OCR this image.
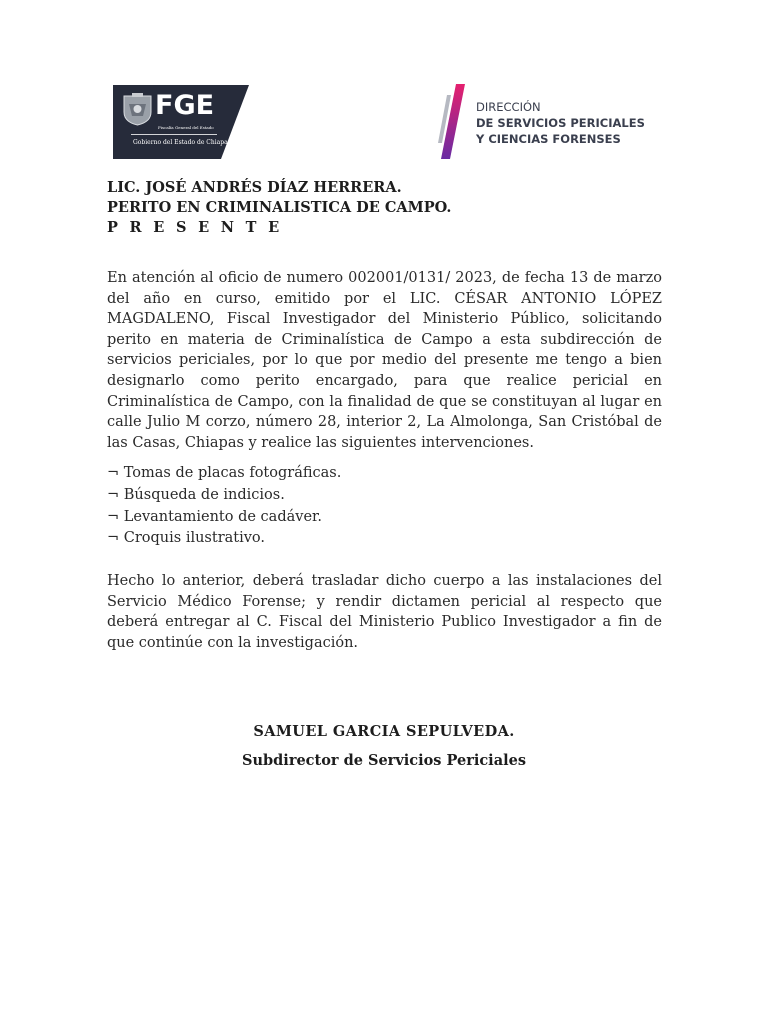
FGE
Fiscalía General del Estado
Gobierno del Estado de Chiapas
DIRECCIÓN
DE SERVICIOS PERICIALES
Y CIENCIAS FORENSES
LIC. JOSÉ ANDRÉS DÍAZ HERRERA.
PERITO EN CRIMINALISTICA DE CAMPO.
P R E S E N T E
En atención al oficio de numero 002001/0131/ 2023, de fecha 13 de marzo del año en curso, emitido por el LIC. CÉSAR ANTONIO LÓPEZ MAGDALENO, Fiscal Investigador del Ministerio Público, solicitando perito en materia de Criminalística de Campo a esta subdirección de servicios periciales, por lo que por medio del presente me tengo a bien designarlo como perito encargado, para que realice pericial en Criminalística de Campo, con la finalidad de que se constituyan al lugar en calle Julio M corzo, número 28, interior 2, La Almolonga, San Cristóbal de las Casas, Chiapas y realice las siguientes intervenciones.
¬ Tomas de placas fotográficas.
¬ Búsqueda de indicios.
¬ Levantamiento de cadáver.
¬ Croquis ilustrativo.
Hecho lo anterior, deberá trasladar dicho cuerpo a las instalaciones del Servicio Médico Forense; y rendir dictamen pericial al respecto que deberá entregar al C. Fiscal del Ministerio Publico Investigador a fin de que continúe con la investigación.
SAMUEL GARCIA SEPULVEDA.
Subdirector de Servicios Periciales
